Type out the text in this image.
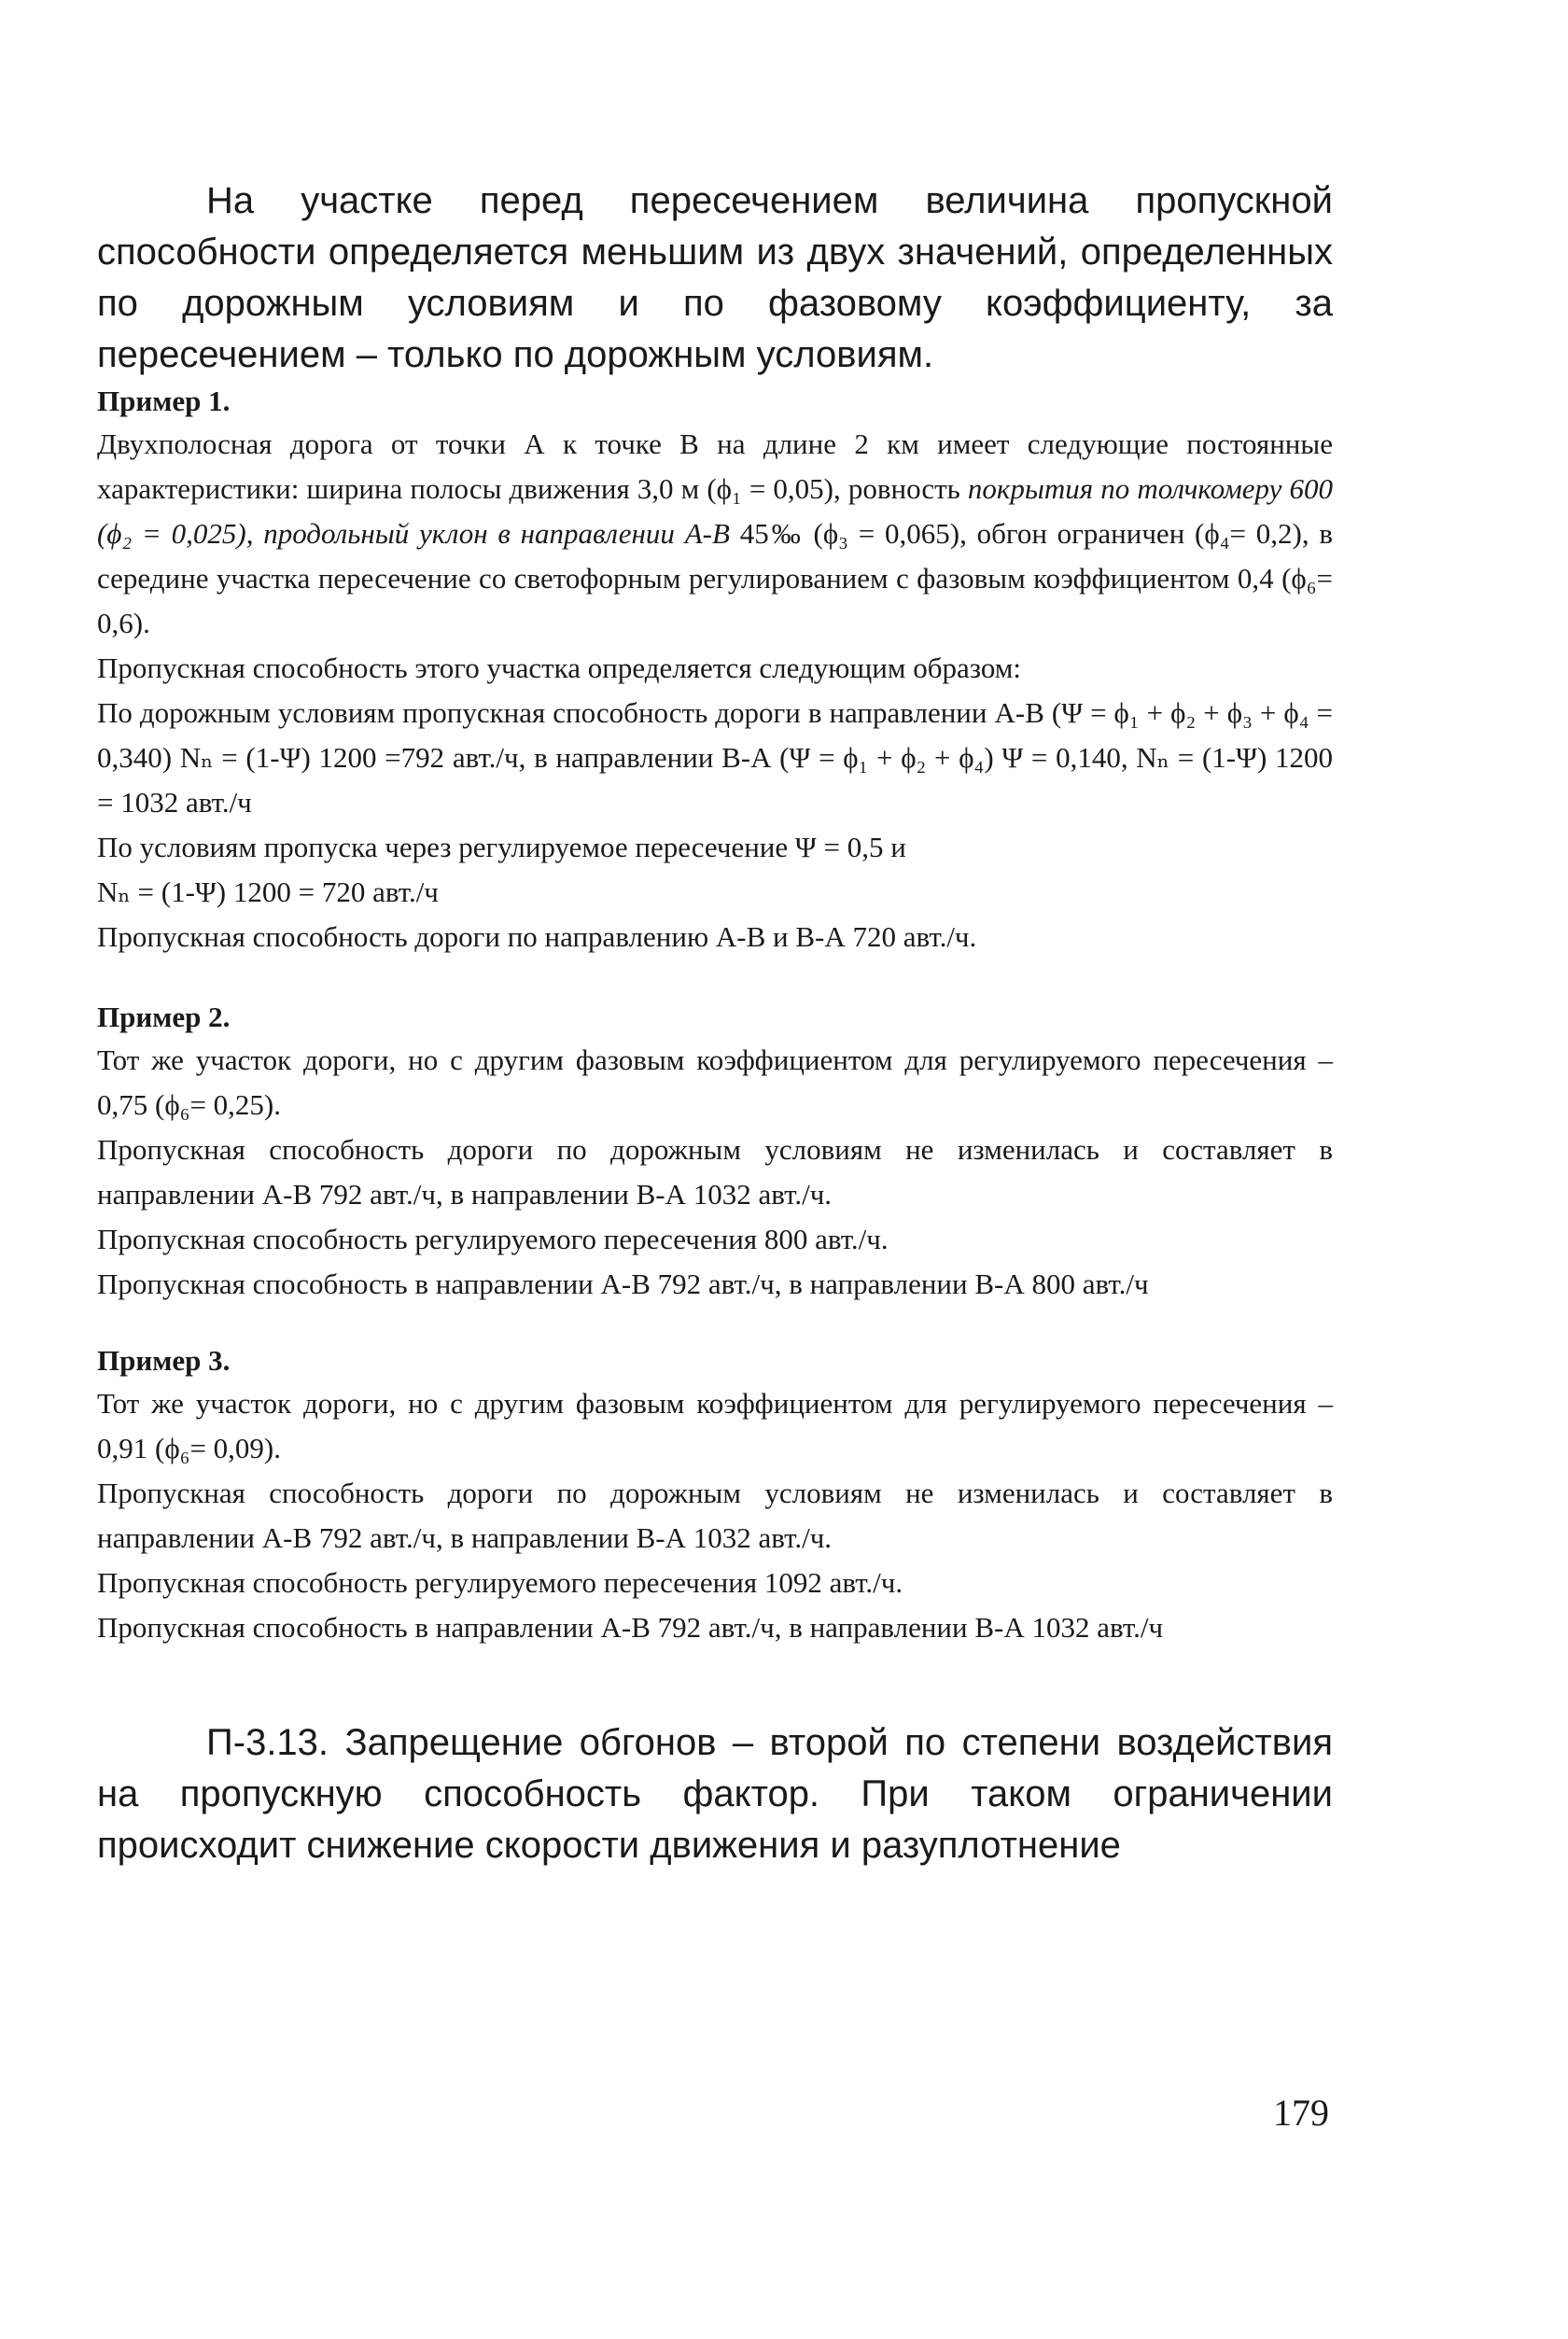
На участке перед пересечением величина пропускной способности определяется меньшим из двух значений, определенных по дорожным условиям и по фазовому коэффициенту, за пересечением – только по дорожным условиям.

Пример 1.

Двухполосная дорога от точки А к точке В на длине 2 км имеет следующие постоянные характеристики: ширина полосы движения 3,0 м (ϕ₁ = 0,05), ровность покрытия по толчкомеру 600 (ϕ₂ = 0,025), продольный уклон в направлении А-В 45‰ (ϕ₃ = 0,065), обгон ограничен (ϕ₄= 0,2), в середине участка пересечение со светофорным регулированием с фазовым коэффициентом 0,4 (ϕ₆= 0,6).

Пропускная способность этого участка определяется следующим образом:

По дорожным условиям пропускная способность дороги в направлении А-В (Ψ = ϕ₁ + ϕ₂ + ϕ₃ + ϕ₄ = 0,340) Nₙ = (1-Ψ) 1200 =792 авт./ч, в направлении В-А (Ψ = ϕ₁ + ϕ₂ + ϕ₄) Ψ = 0,140, Nₙ = (1-Ψ) 1200 = 1032 авт./ч

По условиям пропуска через регулируемое пересечение Ψ = 0,5 и

Nₙ = (1-Ψ) 1200 = 720 авт./ч

Пропускная способность дороги по направлению А-В и В-А 720 авт./ч.

Пример 2.

Тот же участок дороги, но с другим фазовым коэффициентом для регулируемого пересечения – 0,75 (ϕ₆= 0,25).

Пропускная способность дороги по дорожным условиям не изменилась и составляет в направлении А-В 792 авт./ч, в направлении В-А 1032 авт./ч.

Пропускная способность регулируемого пересечения 800 авт./ч.

Пропускная способность в направлении А-В 792 авт./ч, в направлении В-А 800 авт./ч

Пример 3.

Тот же участок дороги, но с другим фазовым коэффициентом для регулируемого пересечения – 0,91 (ϕ₆= 0,09).

Пропускная способность дороги по дорожным условиям не изменилась и составляет в направлении А-В 792 авт./ч, в направлении В-А 1032 авт./ч.

Пропускная способность регулируемого пересечения 1092 авт./ч.

Пропускная способность в направлении А-В 792 авт./ч, в направлении В-А 1032 авт./ч

П-3.13. Запрещение обгонов – второй по степени воздействия на пропускную способность фактор. При таком ограничении происходит снижение скорости движения и разуплотнение

179
